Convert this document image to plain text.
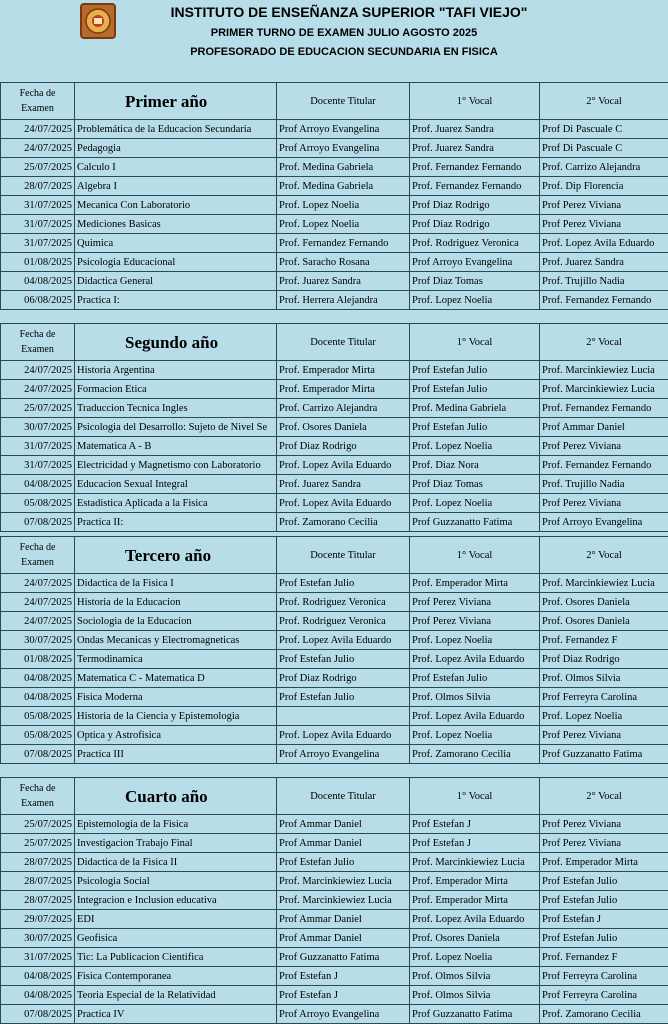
INSTITUTO DE ENSEÑANZA SUPERIOR "TAFI VIEJO"
PRIMER TURNO DE EXAMEN JULIO AGOSTO 2025
PROFESORADO DE EDUCACION SECUNDARIA EN FISICA
Fecha de
Examen	Primer año	Docente Titular	1° Vocal	2° Vocal
24/07/2025	Problemática de la Educacion Secundaria	Prof Arroyo Evangelina	Prof. Juarez Sandra	Prof Di Pascuale C
24/07/2025	Pedagogia	Prof Arroyo Evangelina	Prof. Juarez Sandra	Prof Di Pascuale C
25/07/2025	Calculo I	Prof. Medina Gabriela	Prof. Fernandez Fernando	Prof. Carrizo Alejandra
28/07/2025	Algebra I	Prof. Medina Gabriela	Prof. Fernandez Fernando	Prof. Dip Florencia
31/07/2025	Mecanica Con Laboratorio	Prof. Lopez Noelia	Prof Diaz Rodrigo	Prof Perez Viviana
31/07/2025	Mediciones Basicas	Prof. Lopez Noelia	Prof Diaz Rodrigo	Prof Perez Viviana
31/07/2025	Quimica	Prof. Fernandez Fernando	Prof. Rodriguez Veronica	Prof. Lopez Avila Eduardo
01/08/2025	Psicologia Educacional	Prof. Saracho Rosana	Prof Arroyo Evangelina	Prof. Juarez Sandra
04/08/2025	Didactica General	Prof. Juarez Sandra	Prof Diaz Tomas	Prof. Trujillo Nadia
06/08/2025	Practica I:	Prof. Herrera Alejandra	Prof. Lopez Noelia	Prof. Fernandez Fernando
Fecha de
Examen	Segundo año	Docente Titular	1° Vocal	2° Vocal
24/07/2025	Historia Argentina	Prof. Emperador Mirta	Prof Estefan Julio	Prof. Marcinkiewiez Lucia
24/07/2025	Formacion Etica	Prof. Emperador Mirta	Prof Estefan Julio	Prof. Marcinkiewiez Lucia
25/07/2025	Traduccion Tecnica Ingles	Prof. Carrizo Alejandra	Prof. Medina Gabriela	Prof. Fernandez Fernando
30/07/2025	Psicologia del Desarrollo: Sujeto de Nivel Se	Prof. Osores Daniela	Prof Estefan Julio	Prof Ammar Daniel
31/07/2025	Matematica A - B	Prof Diaz Rodrigo	Prof. Lopez Noelia	Prof Perez Viviana
31/07/2025	Electricidad y Magnetismo con Laboratorio	Prof. Lopez Avila Eduardo	Prof. Diaz Nora	Prof. Fernandez Fernando
04/08/2025	Educacion Sexual Integral	Prof. Juarez Sandra	Prof Diaz Tomas	Prof. Trujillo Nadia
05/08/2025	Estadistica Aplicada a la Fisica	Prof. Lopez Avila Eduardo	Prof. Lopez Noelia	Prof Perez Viviana
07/08/2025	Practica II:	Prof. Zamorano Cecilia	Prof Guzzanatto Fatima	Prof Arroyo Evangelina
Fecha de
Examen	Tercero año	Docente Titular	1° Vocal	2° Vocal
24/07/2025	Didactica de la Fisica I	Prof Estefan Julio	Prof. Emperador Mirta	Prof. Marcinkiewiez Lucia
24/07/2025	Historia de la Educacion	Prof. Rodriguez Veronica	Prof Perez Viviana	Prof. Osores Daniela
24/07/2025	Sociologia de la Educacion	Prof. Rodriguez Veronica	Prof Perez Viviana	Prof. Osores Daniela
30/07/2025	Ondas Mecanicas y Electromagneticas	Prof. Lopez Avila Eduardo	Prof. Lopez Noelia	Prof. Fernandez F
01/08/2025	Termodinamica	Prof Estefan Julio	Prof. Lopez Avila Eduardo	Prof Diaz Rodrigo
04/08/2025	Matematica C - Matematica D	Prof Diaz Rodrigo	Prof Estefan Julio	Prof. Olmos Silvia
04/08/2025	Fisica Moderna	Prof Estefan Julio	Prof. Olmos Silvia	Prof Ferreyra Carolina
05/08/2025	Historia de la Ciencia y Epistemologia		Prof. Lopez Avila Eduardo	Prof. Lopez Noelia
05/08/2025	Optica y Astrofisica	Prof. Lopez Avila Eduardo	Prof. Lopez Noelia	Prof Perez Viviana
07/08/2025	Practica III	Prof Arroyo Evangelina	Prof. Zamorano Cecilia	Prof Guzzanatto Fatima
Fecha de
Examen	Cuarto año	Docente Titular	1° Vocal	2° Vocal
25/07/2025	Epistemologia de la Fisica	Prof Ammar Daniel	Prof Estefan J	Prof Perez Viviana
25/07/2025	Investigacion Trabajo Final	Prof Ammar Daniel	Prof Estefan J	Prof Perez Viviana
28/07/2025	Didactica de la Fisica II	Prof Estefan Julio	Prof. Marcinkiewiez Lucia	Prof. Emperador Mirta
28/07/2025	Psicologia Social	Prof. Marcinkiewiez Lucia	Prof. Emperador Mirta	Prof Estefan Julio
28/07/2025	Integracion e Inclusion educativa	Prof. Marcinkiewiez Lucia	Prof. Emperador Mirta	Prof Estefan Julio
29/07/2025	EDI	Prof Ammar Daniel	Prof. Lopez Avila Eduardo	Prof Estefan J
30/07/2025	Geofisica	Prof Ammar Daniel	Prof. Osores Daniela	Prof Estefan Julio
31/07/2025	Tic: La Publicacion Cientifica	Prof Guzzanatto Fatima	Prof. Lopez Noelia	Prof. Fernandez F
04/08/2025	Fisica Contemporanea	Prof Estefan J	Prof. Olmos Silvia	Prof Ferreyra Carolina
04/08/2025	Teoria Especial de la Relatividad	Prof Estefan J	Prof. Olmos Silvia	Prof Ferreyra Carolina
07/08/2025	Practica IV	Prof Arroyo Evangelina	Prof Guzzanatto Fatima	Prof. Zamorano Cecilia
